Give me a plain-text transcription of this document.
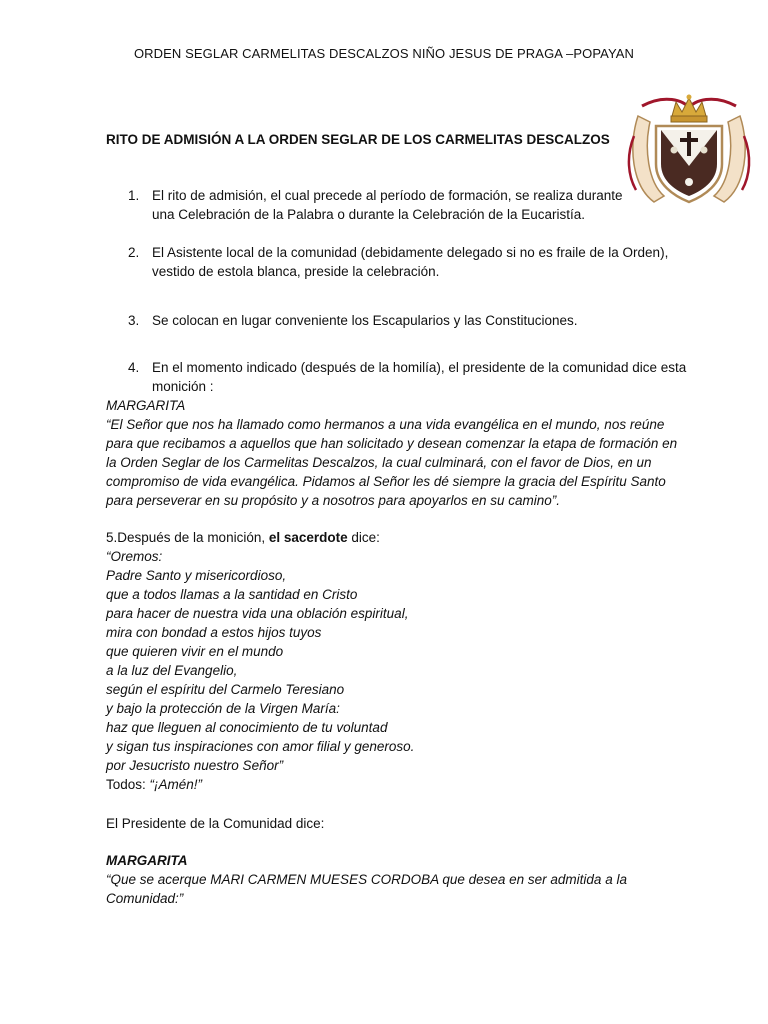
ORDEN SEGLAR CARMELITAS DESCALZOS NIÑO JESUS DE PRAGA –POPAYAN
RITO DE ADMISIÓN A LA ORDEN SEGLAR DE LOS CARMELITAS DESCALZOS
1. El rito de admisión, el cual precede al período de formación, se realiza durante
una Celebración de la Palabra o durante la Celebración de la Eucaristía.
2. El Asistente local de la comunidad (debidamente delegado si no es fraile de la Orden),
vestido de estola blanca, preside la celebración.
3. Se colocan en lugar conveniente los Escapularios y las Constituciones.
4. En el momento indicado (después de la homilía), el presidente de la comunidad dice esta
monición :
MARGARITA
“El Señor que nos ha llamado como hermanos a una vida evangélica en el mundo, nos reúne
para que recibamos a aquellos que han solicitado y desean comenzar la etapa de formación en
la Orden Seglar de los Carmelitas Descalzos, la cual culminará, con el favor de Dios, en un
compromiso de vida evangélica. Pidamos al Señor les dé siempre la gracia del Espíritu Santo
para perseverar en su propósito y a nosotros para apoyarlos en su camino”.
5.Después de la monición, el sacerdote dice:
“Oremos:
Padre Santo y misericordioso,
que a todos llamas a la santidad en Cristo
para hacer de nuestra vida una oblación espiritual,
mira con bondad a estos hijos tuyos
que quieren vivir en el mundo
a la luz del Evangelio,
según el espíritu del Carmelo Teresiano
y bajo la protección de la Virgen María:
haz que lleguen al conocimiento de tu voluntad
y sigan tus inspiraciones con amor filial y generoso.
por Jesucristo nuestro Señor”
Todos: “¡Amén!”
El Presidente de la Comunidad dice:
MARGARITA
“Que se acerque MARI CARMEN MUESES CORDOBA que desea en ser admitida a la
Comunidad:”
